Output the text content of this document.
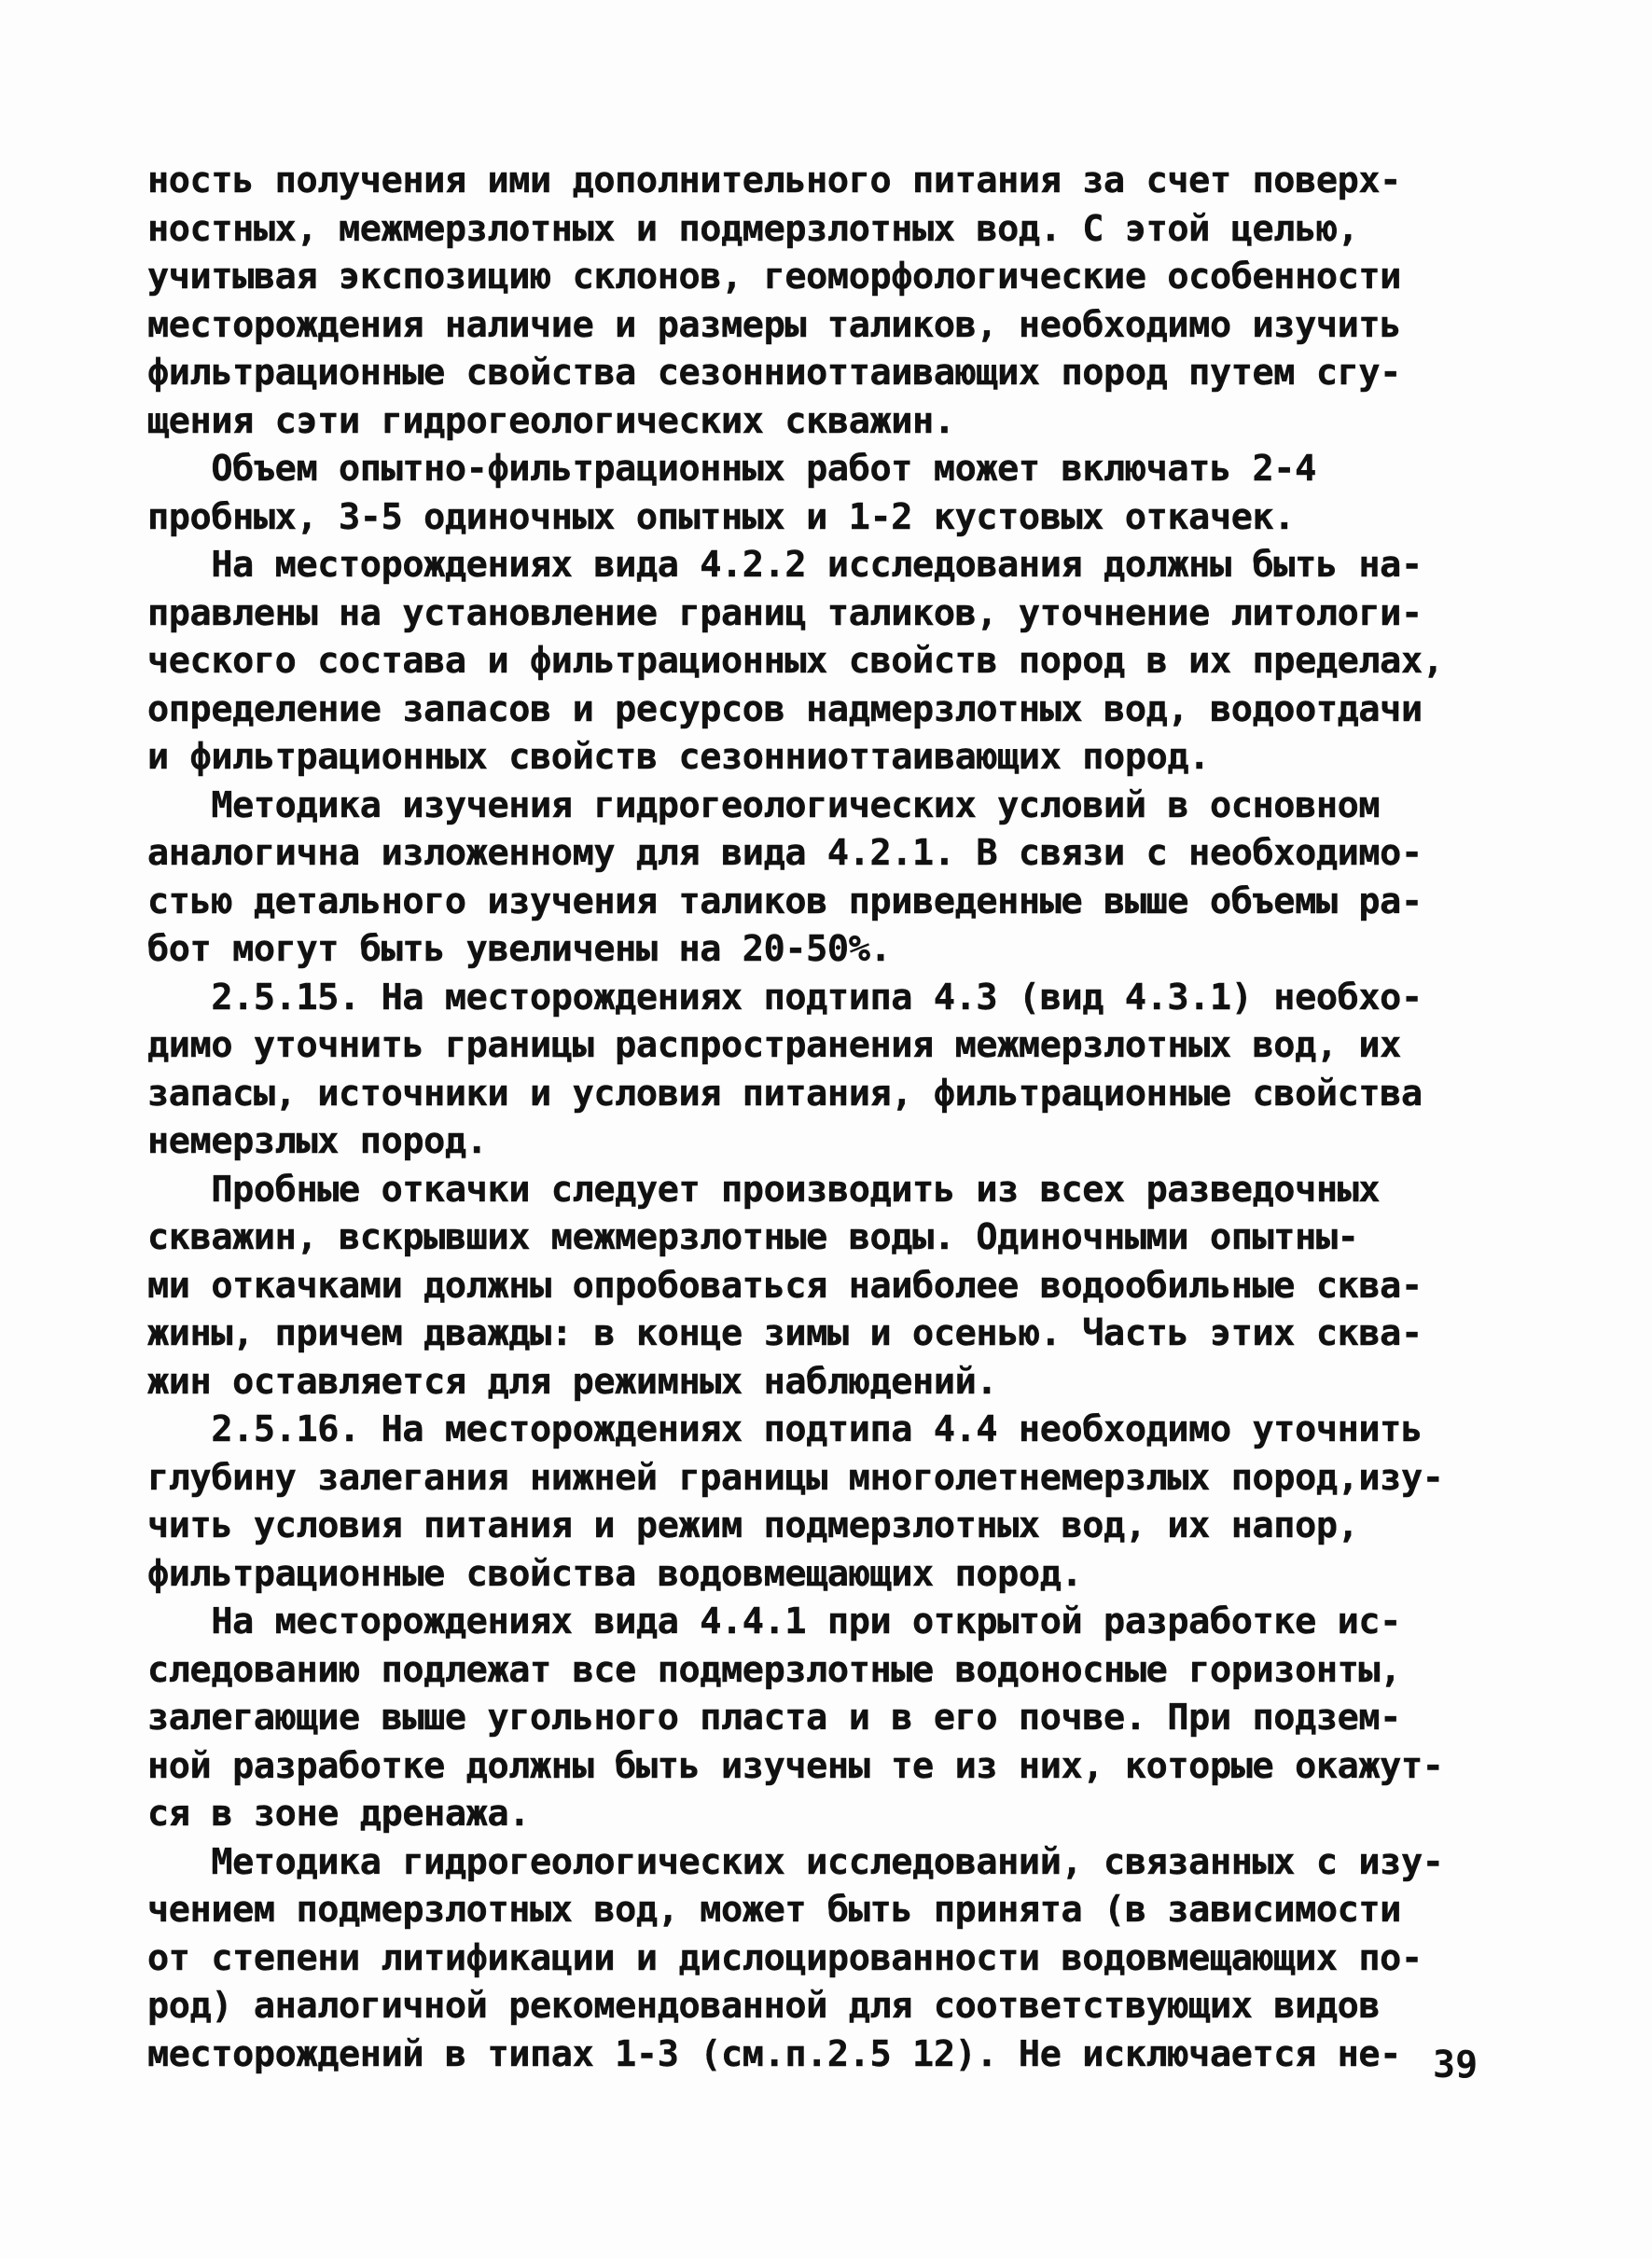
ность получения ими дополнительного питания за счет поверх-
ностных, межмерзлотных и подмерзлотных вод. С этой целью,
учитывая экспозицию склонов, геоморфологические особенности
месторождения наличие и размеры таликов, необходимо изучить
фильтрационные свойства сезонниоттаивающих пород путем сгу-
щения сэти гидрогеологических скважин.
Объем опытно-фильтрационных работ может включать 2-4
пробных, 3-5 одиночных опытных и 1-2 кустовых откачек.
На месторождениях вида 4.2.2 исследования должны быть на-
правлены на установление границ таликов, уточнение литологи-
ческого состава и фильтрационных свойств пород в их пределах,
определение запасов и ресурсов надмерзлотных вод, водоотдачи
и фильтрационных свойств сезонниоттаивающих пород.
Методика изучения гидрогеологических условий в основном
аналогична изложенному для вида 4.2.1. В связи с необходимо-
стью детального изучения таликов приведенные выше объемы ра-
бот могут быть увеличены на 20-50%.
2.5.15. На месторождениях подтипа 4.3 (вид 4.3.1) необхо-
димо уточнить границы распространения межмерзлотных вод, их
запасы, источники и условия питания, фильтрационные свойства
немерзлых пород.
Пробные откачки следует производить из всех разведочных
скважин, вскрывших межмерзлотные воды. Одиночными опытны-
ми откачками должны опробоваться наиболее водообильные сква-
жины, причем дважды: в конце зимы и осенью. Часть этих сква-
жин оставляется для режимных наблюдений.
2.5.16. На месторождениях подтипа 4.4 необходимо уточнить
глубину залегания нижней границы многолетнемерзлых пород,изу-
чить условия питания и режим подмерзлотных вод, их напор,
фильтрационные свойства водовмещающих пород.
На месторождениях вида 4.4.1 при открытой разработке ис-
следованию подлежат все подмерзлотные водоносные горизонты,
залегающие выше угольного пласта и в его почве. При подзем-
ной разработке должны быть изучены те из них, которые окажут-
ся в зоне дренажа.
Методика гидрогеологических исследований, связанных с изу-
чением подмерзлотных вод, может быть принята (в зависимости
от степени литификации и дислоцированности водовмещающих по-
род) аналогичной рекомендованной для соответствующих видов
месторождений в типах 1-3 (см.п.2.5 12). Не исключается не- 39
